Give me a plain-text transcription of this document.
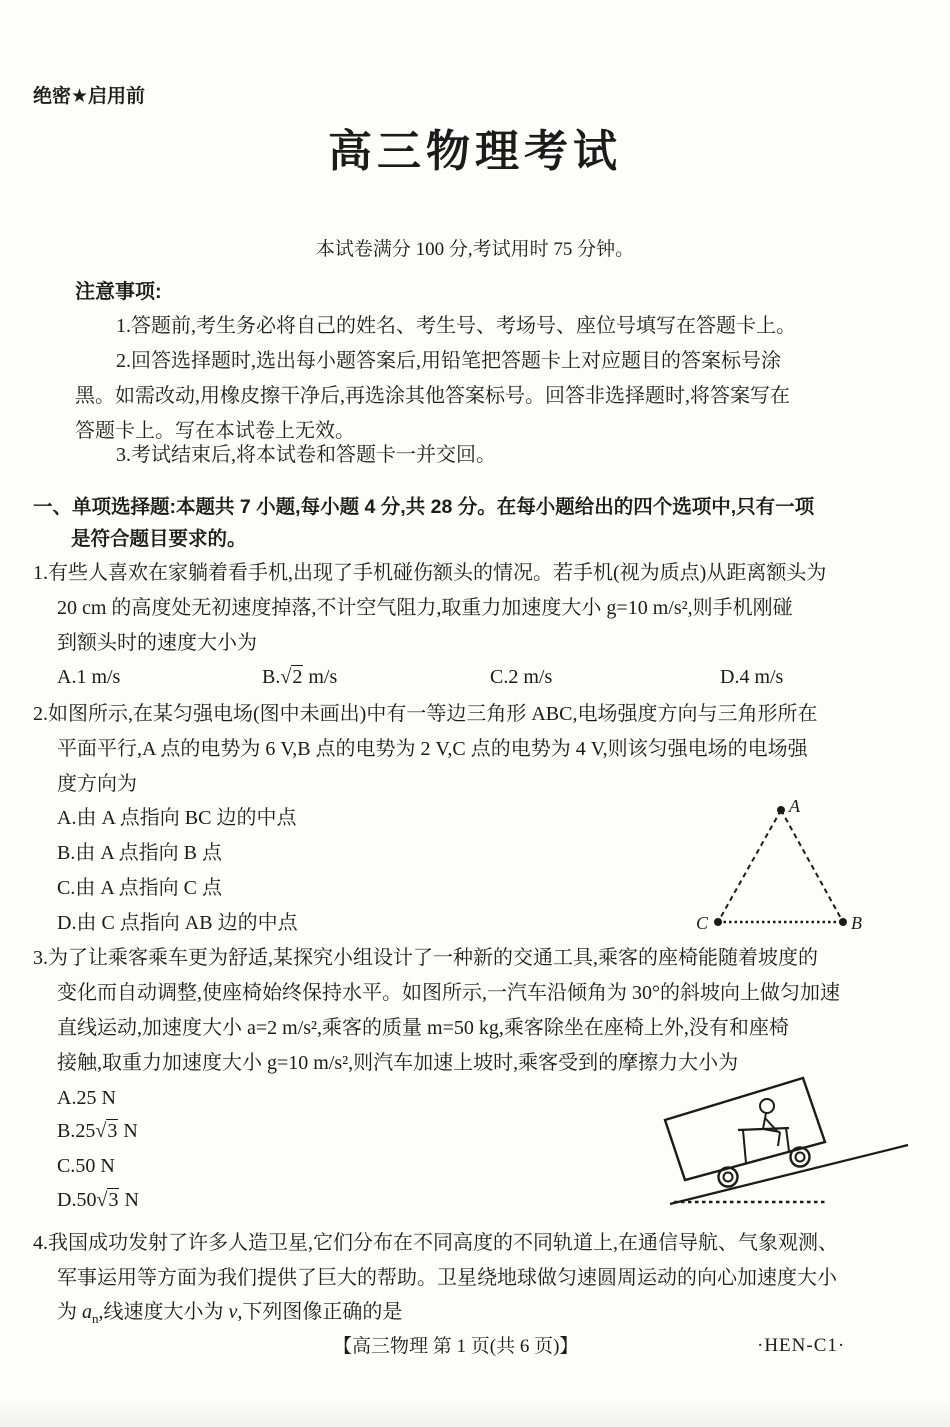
绝密★启用前
高三物理考试
本试卷满分 100 分,考试用时 75 分钟。
注意事项:
1.答题前,考生务必将自己的姓名、考生号、考场号、座位号填写在答题卡上。
2.回答选择题时,选出每小题答案后,用铅笔把答题卡上对应题目的答案标号涂
黑。如需改动,用橡皮擦干净后,再选涂其他答案标号。回答非选择题时,将答案写在
答题卡上。写在本试卷上无效。
3.考试结束后,将本试卷和答题卡一并交回。
一、单项选择题:本题共 7 小题,每小题 4 分,共 28 分。在每小题给出的四个选项中,只有一项
是符合题目要求的。
1.有些人喜欢在家躺着看手机,出现了手机碰伤额头的情况。若手机(视为质点)从距离额头为
20 cm 的高度处无初速度掉落,不计空气阻力,取重力加速度大小 g=10 m/s²,则手机刚碰
到额头时的速度大小为
A.1 m/s	B.√2 m/s	C.2 m/s	D.4 m/s
2.如图所示,在某匀强电场(图中未画出)中有一等边三角形 ABC,电场强度方向与三角形所在
平面平行,A 点的电势为 6 V,B 点的电势为 2 V,C 点的电势为 4 V,则该匀强电场的电场强
度方向为
A.由 A 点指向 BC 边的中点
B.由 A 点指向 B 点
C.由 A 点指向 C 点
D.由 C 点指向 AB 边的中点
A
C	B
3.为了让乘客乘车更为舒适,某探究小组设计了一种新的交通工具,乘客的座椅能随着坡度的
变化而自动调整,使座椅始终保持水平。如图所示,一汽车沿倾角为 30°的斜坡向上做匀加速
直线运动,加速度大小 a=2 m/s²,乘客的质量 m=50 kg,乘客除坐在座椅上外,没有和座椅
接触,取重力加速度大小 g=10 m/s²,则汽车加速上坡时,乘客受到的摩擦力大小为
A.25 N
B.25√3 N
C.50 N
D.50√3 N
4.我国成功发射了许多人造卫星,它们分布在不同高度的不同轨道上,在通信导航、气象观测、
军事运用等方面为我们提供了巨大的帮助。卫星绕地球做匀速圆周运动的向心加速度大小
为 $a_n$,线速度大小为 v,下列图像正确的是
【高三物理 第 1 页(共 6 页)】	·HEN-C1·
